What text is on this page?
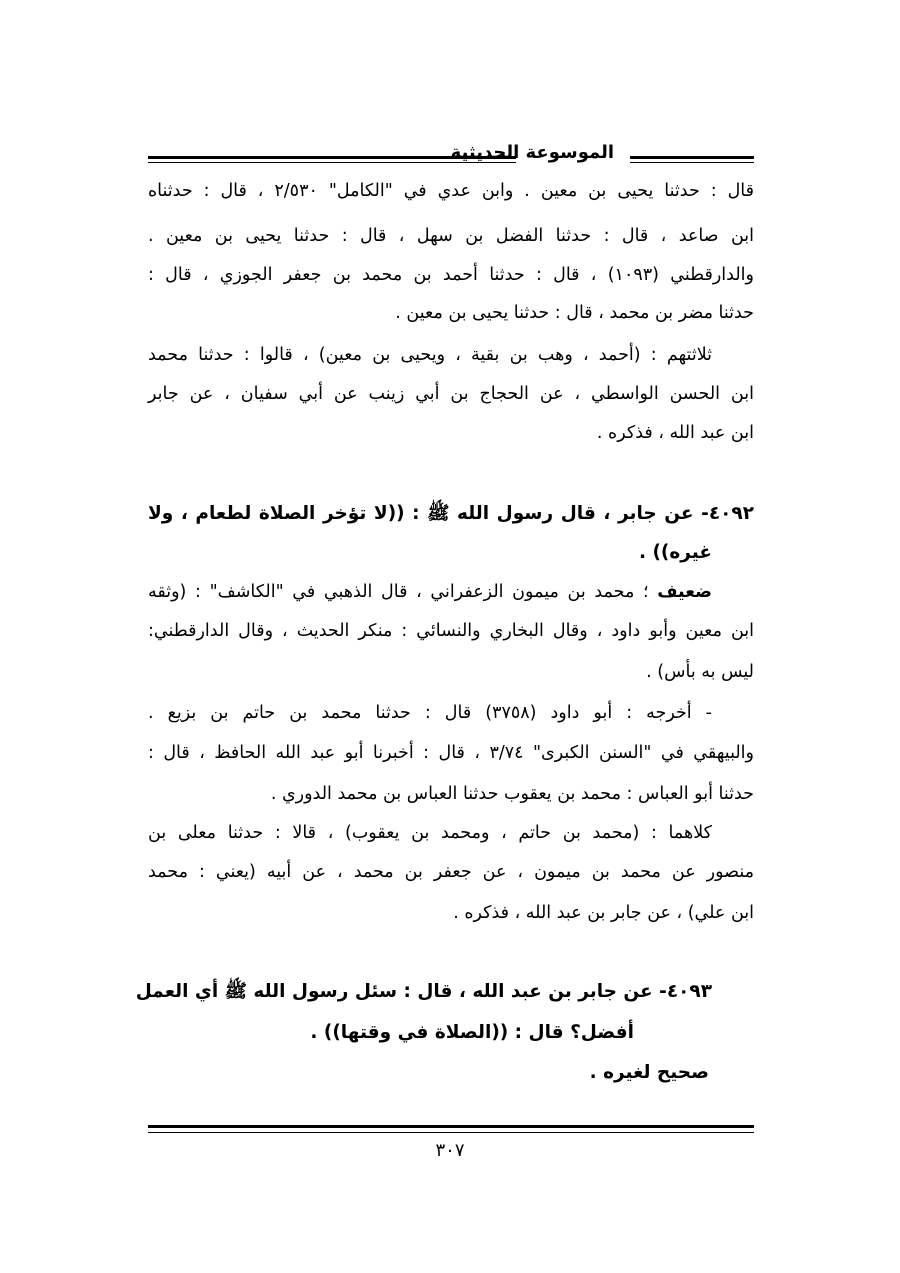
الموسوعة الحديثية
قال : حدثنا يحيى بن معين . وابن عدي في "الكامل" ٢/٥٣٠ ، قال : حدثناه
ابن صاعد ، قال : حدثنا الفضل بن سهل ، قال : حدثنا يحيى بن معين .
والدارقطني (١٠٩٣) ، قال : حدثنا أحمد بن محمد بن جعفر الجوزي ، قال :
حدثنا مضر بن محمد ، قال : حدثنا يحيى بن معين .
ثلاثتهم : (أحمد ، وهب بن بقية ، ويحيى بن معين) ، قالوا : حدثنا محمد
ابن الحسن الواسطي ، عن الحجاج بن أبي زينب عن أبي سفيان ، عن جابر
ابن عبد الله ، فذكره .
٤٠٩٢- عن جابر ، قال رسول الله ﷺ : ((لا تؤخر الصلاة لطعام ، ولا
غيره)) .
ضعيف ؛ محمد بن ميمون الزعفراني ، قال الذهبي في "الكاشف" : (وثقه
ابن معين وأبو داود ، وقال البخاري والنسائي : منكر الحديث ، وقال الدارقطني:
ليس به بأس) .
- أخرجه : أبو داود (٣٧٥٨) قال : حدثنا محمد بن حاتم بن بزيع .
والبيهقي في "السنن الكبرى" ٣/٧٤ ، قال : أخبرنا أبو عبد الله الحافظ ، قال :
حدثنا أبو العباس : محمد بن يعقوب حدثنا العباس بن محمد الدوري .
كلاهما : (محمد بن حاتم ، ومحمد بن يعقوب) ، قالا : حدثنا معلى بن
منصور عن محمد بن ميمون ، عن جعفر بن محمد ، عن أبيه (يعني : محمد
ابن علي) ، عن جابر بن عبد الله ، فذكره .
٤٠٩٣- عن جابر بن عبد الله ، قال : سئل رسول الله ﷺ أي العمل
أفضل؟ قال : ((الصلاة في وقتها)) .
صحيح لغيره .
٣٠٧
